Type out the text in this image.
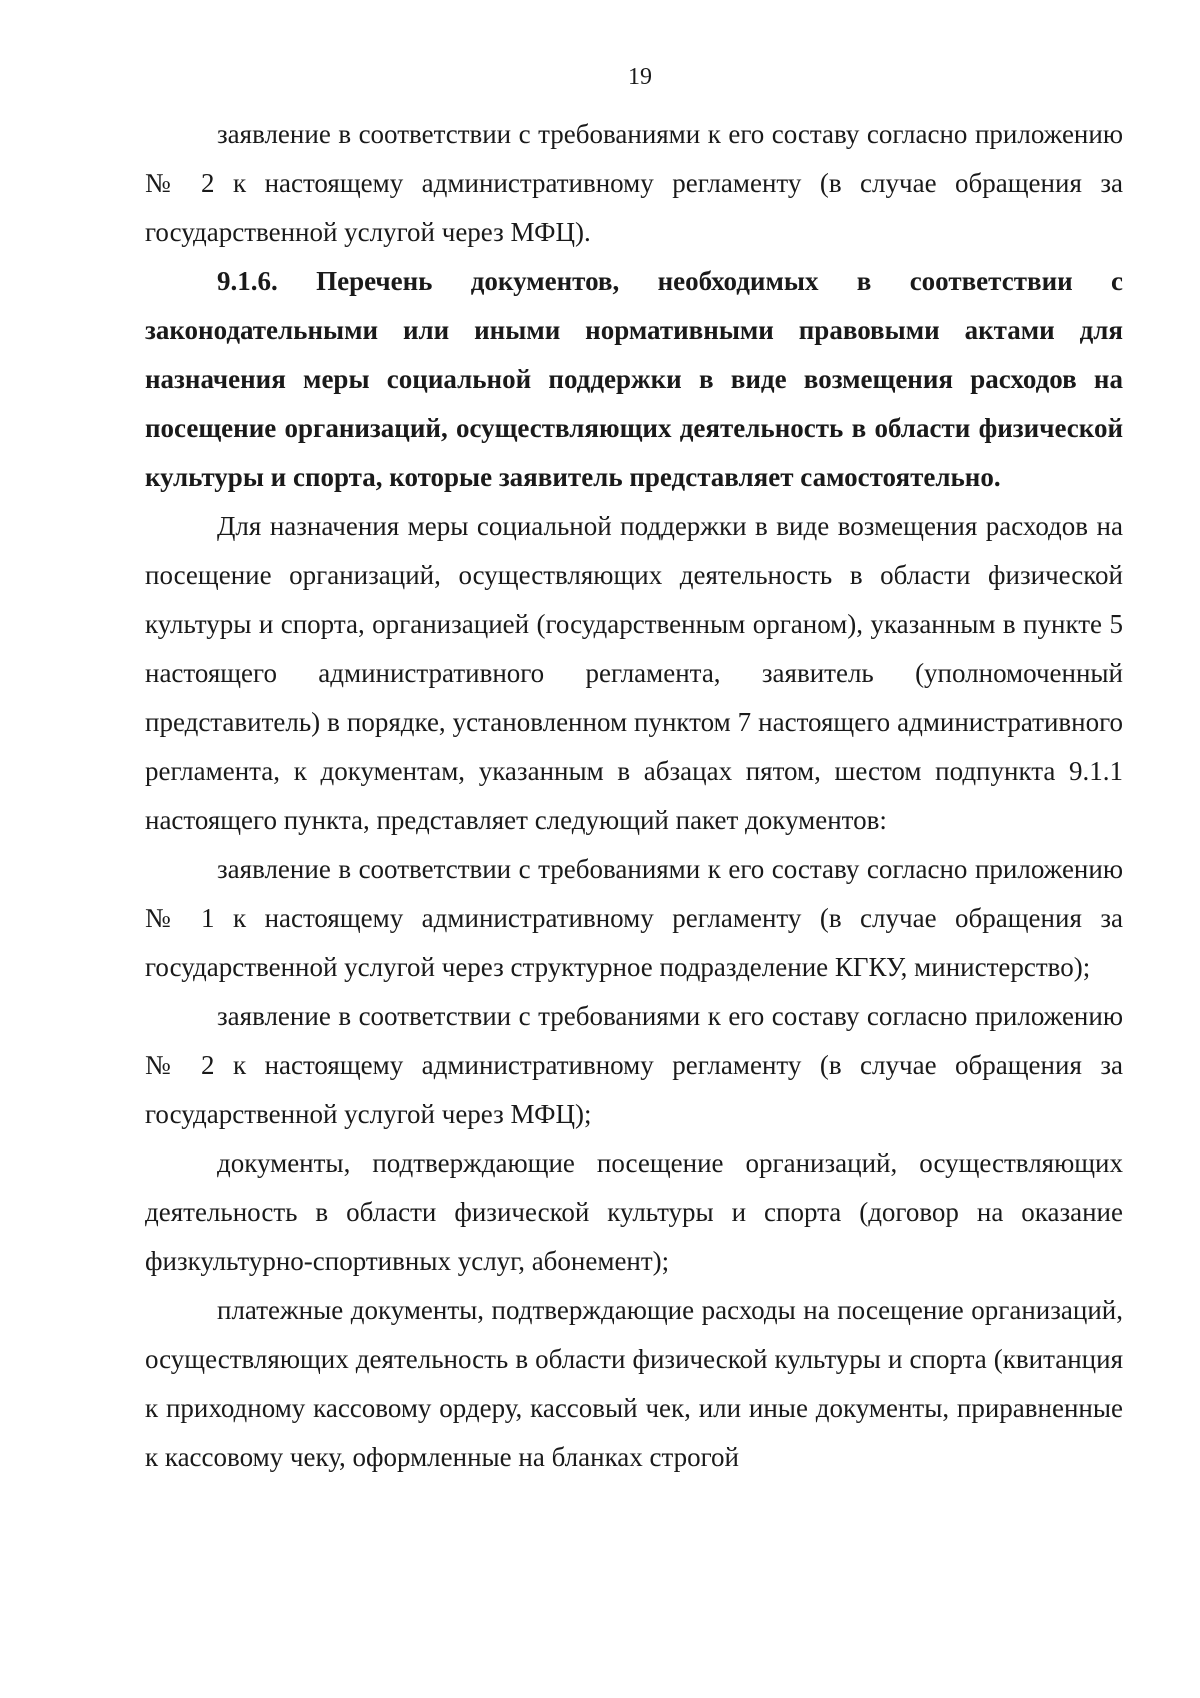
19

заявление в соответствии с требованиями к его составу согласно приложению № 2 к настоящему административному регламенту (в случае обращения за государственной услугой через МФЦ).

9.1.6. Перечень документов, необходимых в соответствии с законодательными или иными нормативными правовыми актами для назначения меры социальной поддержки в виде возмещения расходов на посещение организаций, осуществляющих деятельность в области физической культуры и спорта, которые заявитель представляет самостоятельно.

Для назначения меры социальной поддержки в виде возмещения расходов на посещение организаций, осуществляющих деятельность в области физической культуры и спорта, организацией (государственным органом), указанным в пункте 5 настоящего административного регламента, заявитель (уполномоченный представитель) в порядке, установленном пунктом 7 настоящего административного регламента, к документам, указанным в абзацах пятом, шестом подпункта 9.1.1 настоящего пункта, представляет следующий пакет документов:

заявление в соответствии с требованиями к его составу согласно приложению № 1 к настоящему административному регламенту (в случае обращения за государственной услугой через структурное подразделение КГКУ, министерство);

заявление в соответствии с требованиями к его составу согласно приложению № 2 к настоящему административному регламенту (в случае обращения за государственной услугой через МФЦ);

документы, подтверждающие посещение организаций, осуществляющих деятельность в области физической культуры и спорта (договор на оказание физкультурно-спортивных услуг, абонемент);

платежные документы, подтверждающие расходы на посещение организаций, осуществляющих деятельность в области физической культуры и спорта (квитанция к приходному кассовому ордеру, кассовый чек, или иные документы, приравненные к кассовому чеку, оформленные на бланках строгой
